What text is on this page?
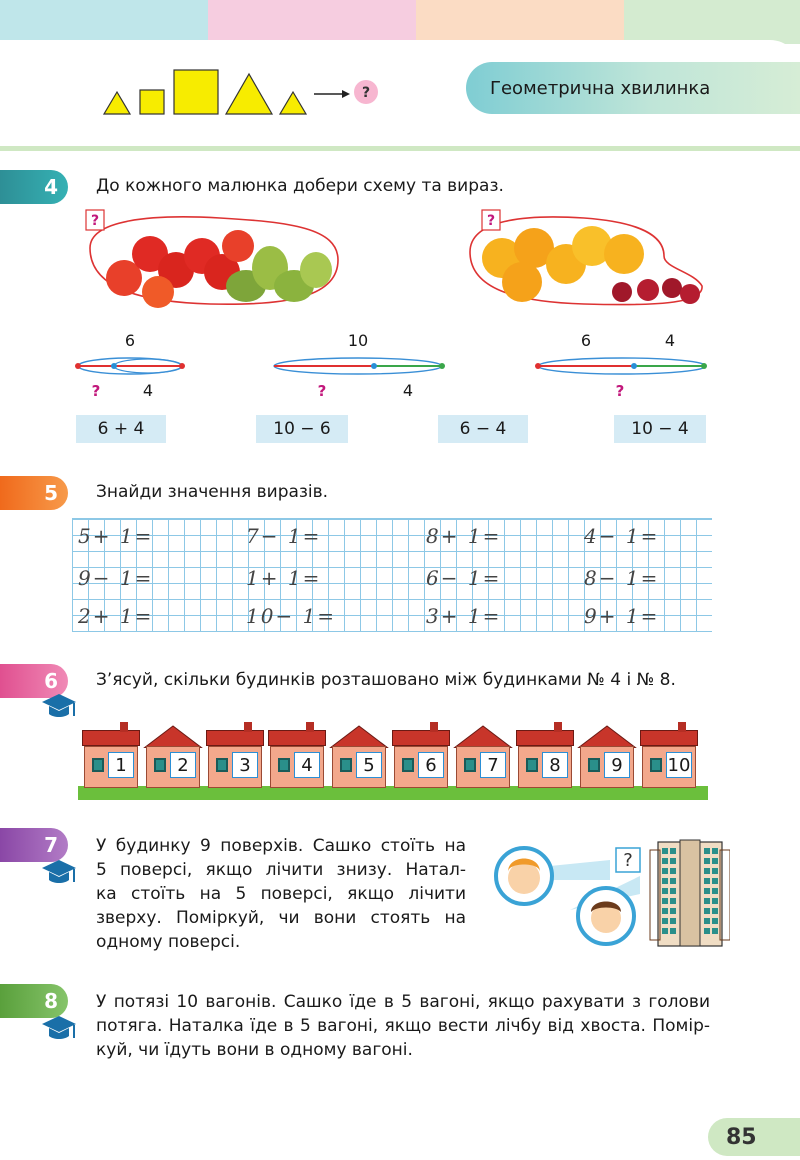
?	Геометрична хвилинка
4	До кожного малюнка добери схему та вираз.
?	?
6
?	4
10
?	4
6	4
?
6 + 4	10 − 6	6 − 4	10 − 4
5	Знайди значення виразів.
5+ 1=	7− 1=	8+ 1=	4− 1=
9− 1=	1+ 1=	6− 1=	8− 1=
2+ 1=	10− 1=	3+ 1=	9+ 1=
6	З’ясуй, скільки будинків розташовано між будинками № 4 і № 8.
1	2	3	4	5	6	7	8	9 10
7	У будинку 9 поверхів. Сашко стоїть на
5 поверсі, якщо лічити знизу. Натал-
ка стоїть на 5 поверсі, якщо лічити
зверху. Поміркуй, чи вони стоять на
одному поверсі.
?
8	У потязі 10 вагонів. Сашко їде в 5 вагоні, якщо рахувати з голови
потяга. Наталка їде в 5 вагоні, якщо вести лічбу від хвоста. Помір-
куй, чи їдуть вони в одному вагоні.
85
